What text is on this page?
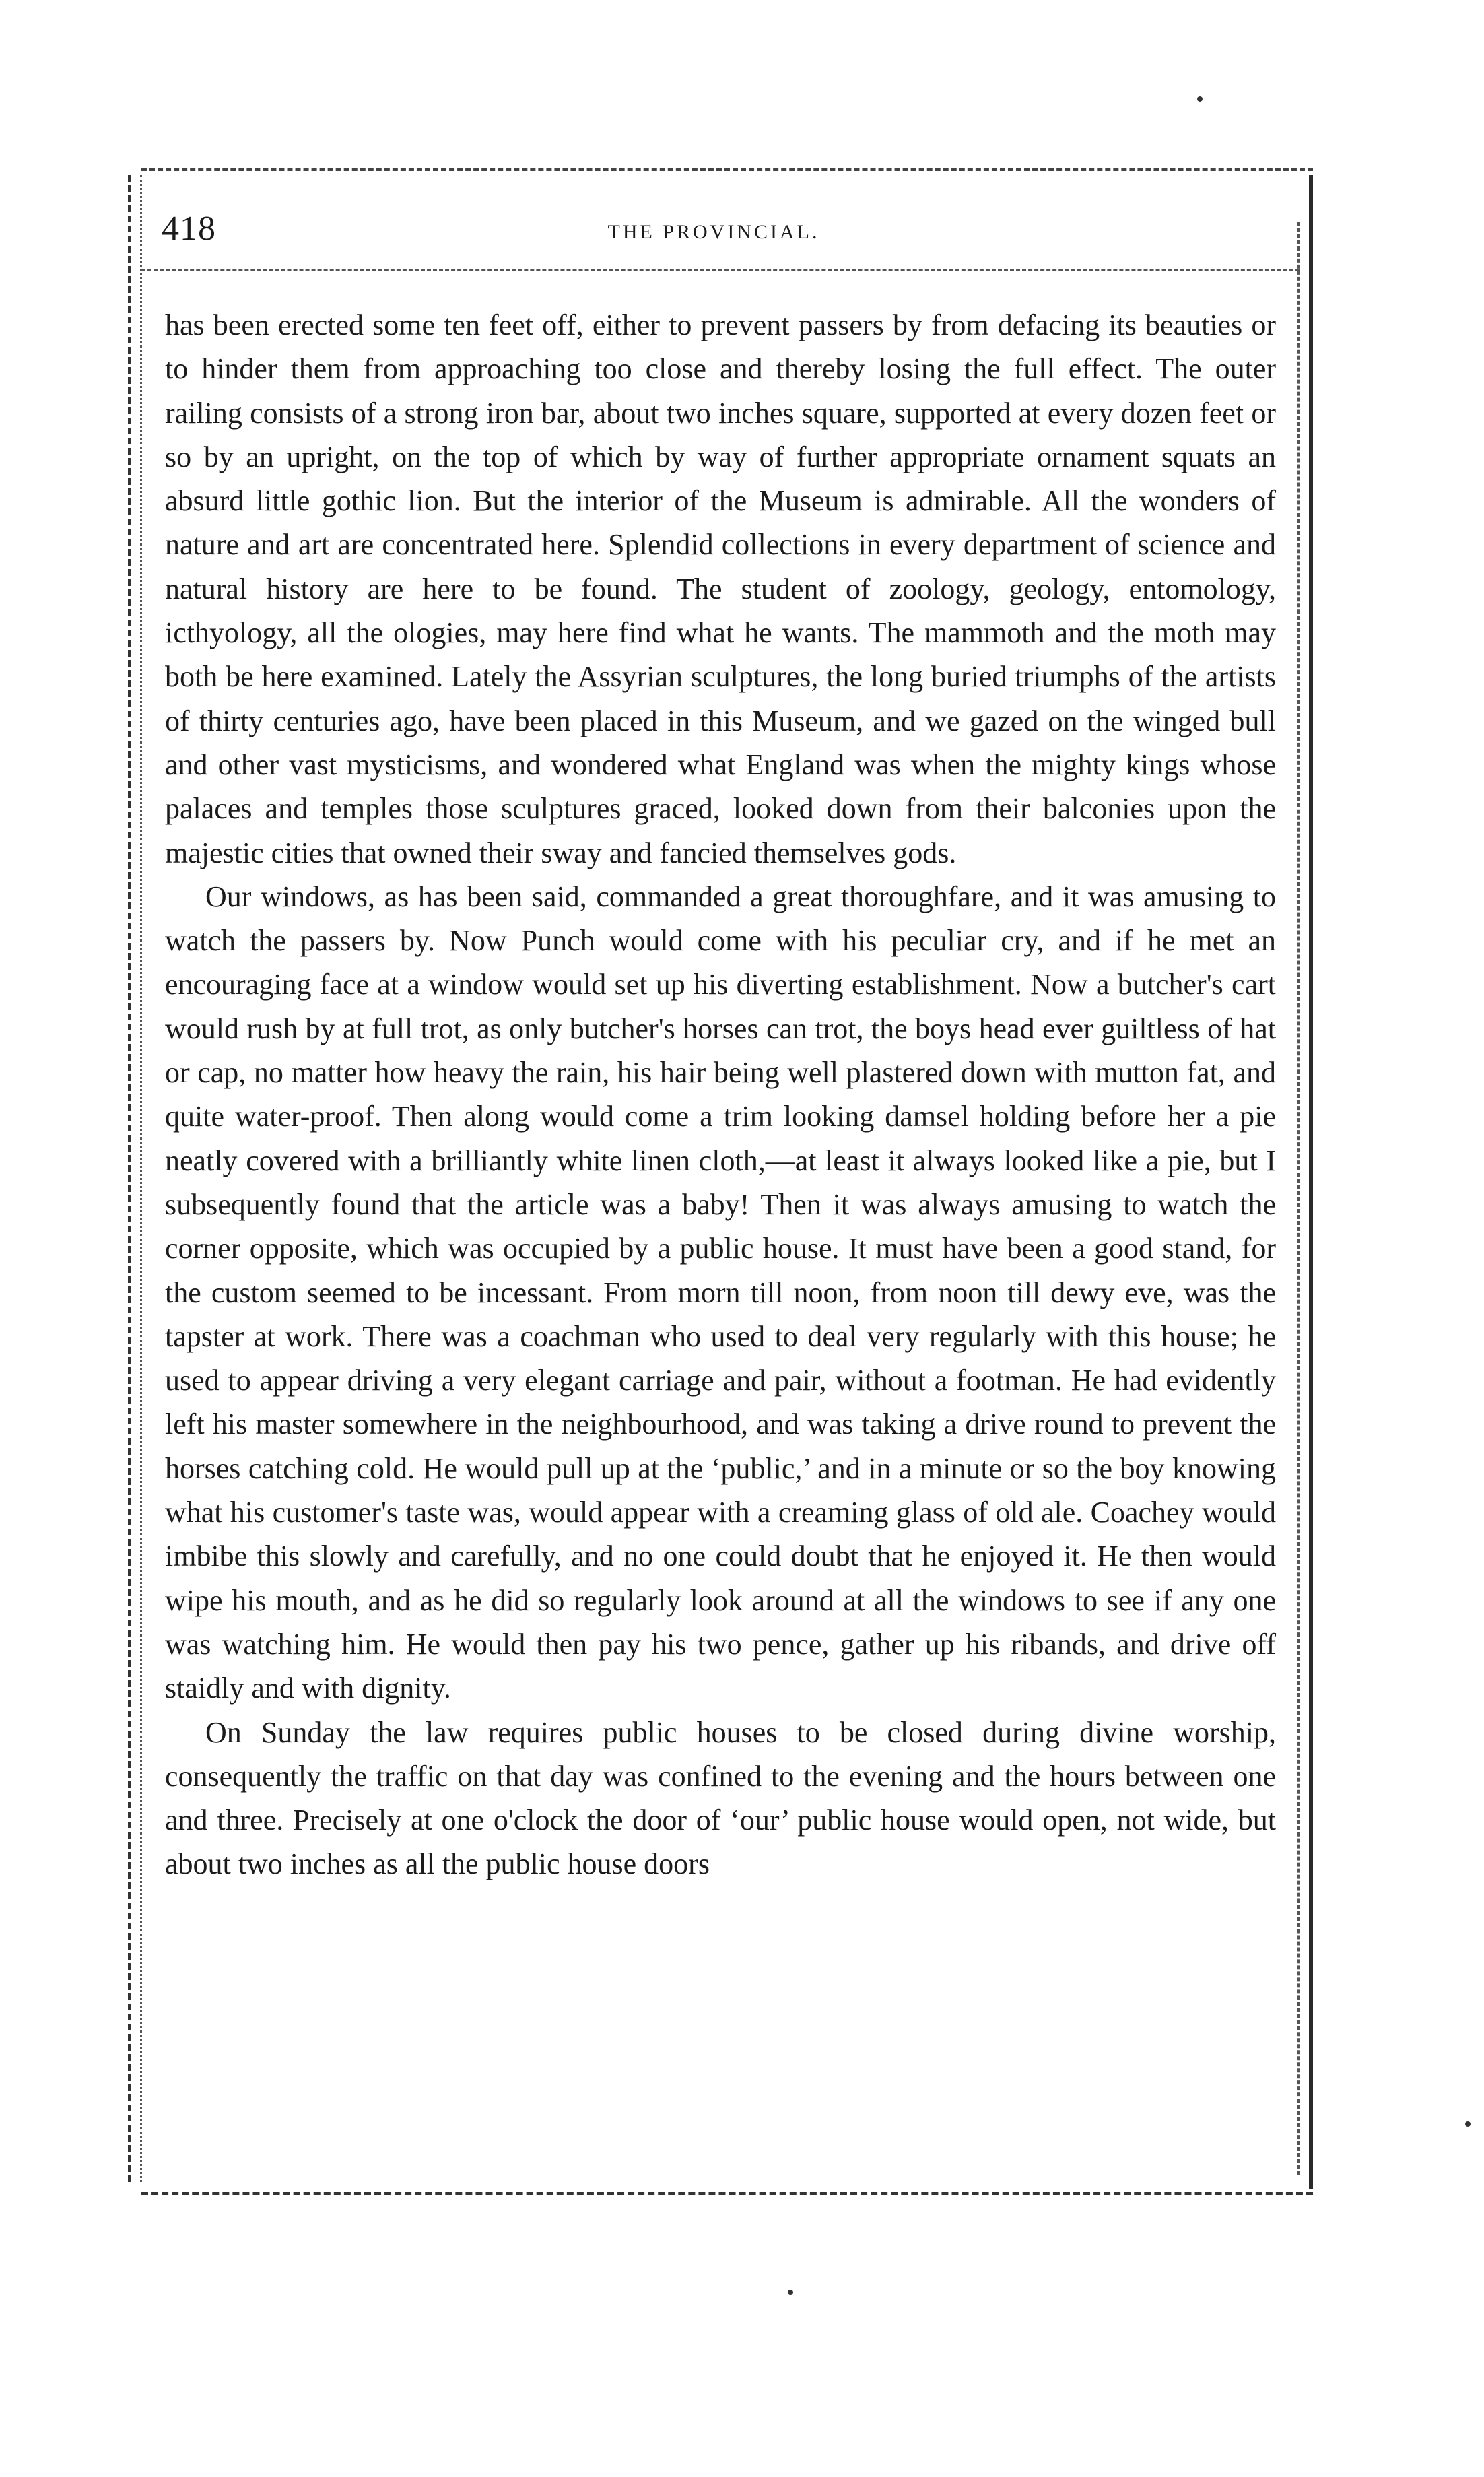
418	THE PROVINCIAL.

has been erected some ten feet off, either to prevent passers by from defacing its beauties or to hinder them from approaching too close and thereby losing the full effect. The outer railing consists of a strong iron bar, about two inches square, supported at every dozen feet or so by an upright, on the top of which by way of further appropriate ornament squats an absurd little gothic lion. But the interior of the Museum is admirable. All the wonders of nature and art are concentrated here. Splendid collections in every department of science and natural history are here to be found. The student of zoology, geology, entomology, icthyology, all the ologies, may here find what he wants. The mammoth and the moth may both be here examined. Lately the Assyrian sculptures, the long buried triumphs of the artists of thirty centuries ago, have been placed in this Museum, and we gazed on the winged bull and other vast mysticisms, and wondered what England was when the mighty kings whose palaces and temples those sculptures graced, looked down from their balconies upon the majestic cities that owned their sway and fancied themselves gods.

Our windows, as has been said, commanded a great thoroughfare, and it was amusing to watch the passers by. Now Punch would come with his peculiar cry, and if he met an encouraging face at a window would set up his diverting establishment. Now a butcher's cart would rush by at full trot, as only butcher's horses can trot, the boys head ever guiltless of hat or cap, no matter how heavy the rain, his hair being well plastered down with mutton fat, and quite water-proof. Then along would come a trim looking damsel holding before her a pie neatly covered with a brilliantly white linen cloth,—at least it always looked like a pie, but I subsequently found that the article was a baby! Then it was always amusing to watch the corner opposite, which was occupied by a public house. It must have been a good stand, for the custom seemed to be incessant. From morn till noon, from noon till dewy eve, was the tapster at work. There was a coachman who used to deal very regularly with this house; he used to appear driving a very elegant carriage and pair, without a footman. He had evidently left his master somewhere in the neighbourhood, and was taking a drive round to prevent the horses catching cold. He would pull up at the ‘public,’ and in a minute or so the boy knowing what his customer's taste was, would appear with a creaming glass of old ale. Coachey would imbibe this slowly and carefully, and no one could doubt that he enjoyed it. He then would wipe his mouth, and as he did so regularly look around at all the windows to see if any one was watching him. He would then pay his two pence, gather up his ribands, and drive off staidly and with dignity.

On Sunday the law requires public houses to be closed during divine worship, consequently the traffic on that day was confined to the evening and the hours between one and three. Precisely at one o'clock the door of ‘our’ public house would open, not wide, but about two inches as all the public house doors
